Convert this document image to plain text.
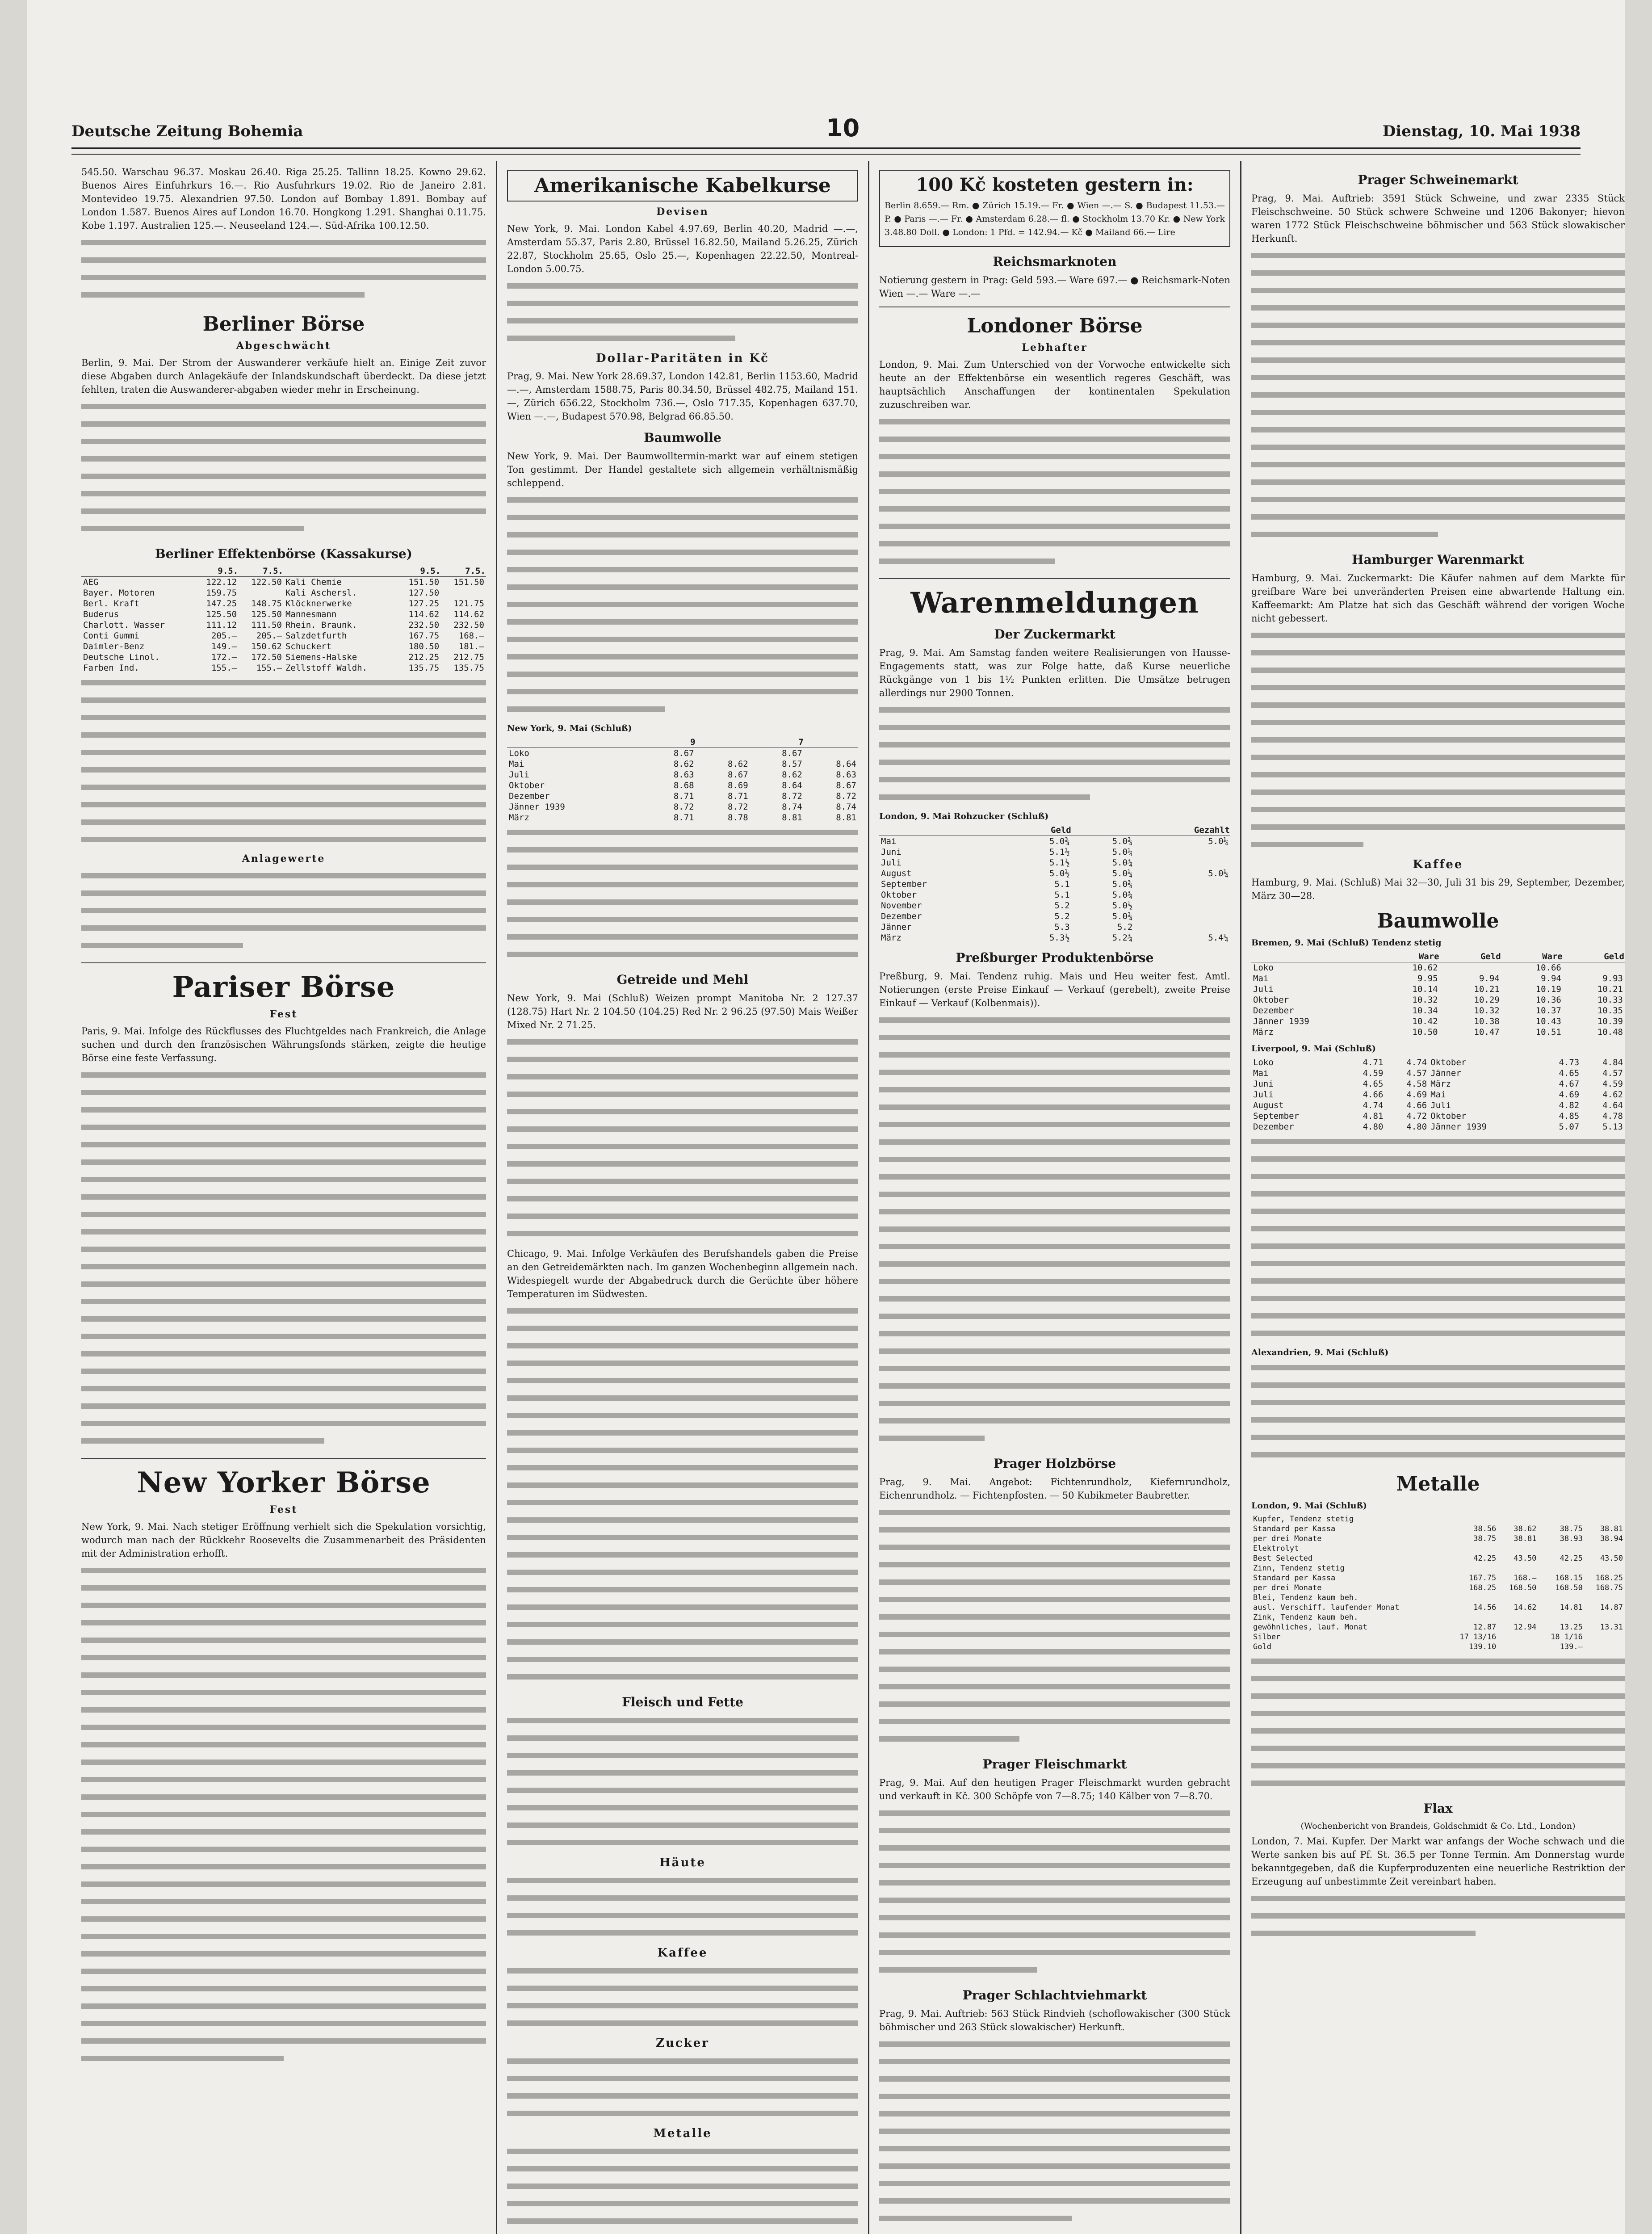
Deutsche Zeitung Bohemia	10	Dienstag, 10. Mai 1938

545.50. Warschau 96.37. Moskau 26.40. Riga 25.25. Tallinn 18.25. Kowno 29.62. Buenos Aires Einfuhrkurs 16.—. Rio Ausfuhrkurs 19.02. Rio de Janeiro 2.81. Montevideo 19.75. Alexandrien 97.50. London auf Bombay 1.891. Bombay auf London 1.587. Buenos Aires auf London 16.70. Hongkong 1.291. Shanghai 0.11.75. Kobe 1.197. Australien 125.—. Neuseeland 124.—. Süd-Afrika 100.12.50.

Berliner Börse
Abgeschwächt

Berlin, 9. Mai. Der Strom der Auswanderer verkäufe hielt an. Einige Zeit zuvor diese Abgaben durch Anlagekäufe der Inlandskundschaft überdeckt. Da diese jetzt fehlten, traten die Auswanderer-abgaben wieder mehr in Erscheinung.

Berliner Effektenbörse (Kassakurse)
	9.5.	7.5.		9.5.	7.5.
AEG	122.12	122.50	Kali Chemie	151.50	151.50
Bayer. Motoren	159.75		Kali Aschersl.	127.50	
Berl. Kraft	147.25	148.75	Klöcknerwerke	127.25	121.75
Buderus	125.50	125.50	Mannesmann	114.62	114.62
Charlott. Wasser	111.12	111.50	Rhein. Braunk.	232.50	232.50
Conti Gummi	205.—	205.—	Salzdetfurth	167.75	168.—
Daimler-Benz	149.—	150.62	Schuckert	180.50	181.—
Deutsche Linol.	172.—	172.50	Siemens-Halske	212.25	212.75
Farben Ind.	155.—	155.—	Zellstoff Waldh.	135.75	135.75
Anlagewerte
Pariser Börse
Fest

Paris, 9. Mai. Infolge des Rückflusses des Fluchtgeldes nach Frankreich, die Anlage suchen und durch den französischen Währungsfonds stärken, zeigte die heutige Börse eine feste Verfassung.

New Yorker Börse
Fest

New York, 9. Mai. Nach stetiger Eröffnung verhielt sich die Spekulation vorsichtig, wodurch man nach der Rückkehr Roosevelts die Zusammenarbeit des Präsidenten mit der Administration erhofft.

Amerikanische Kabelkurse
Devisen

New York, 9. Mai. London Kabel 4.97.69, Berlin 40.20, Madrid —.—, Amsterdam 55.37, Paris 2.80, Brüssel 16.82.50, Mailand 5.26.25, Zürich 22.87, Stockholm 25.65, Oslo 25.—, Kopenhagen 22.22.50, Montreal-London 5.00.75.

Dollar-Paritäten in Kč

Prag, 9. Mai. New York 28.69.37, London 142.81, Berlin 1153.60, Madrid —.—, Amsterdam 1588.75, Paris 80.34.50, Brüssel 482.75, Mailand 151.—, Zürich 656.22, Stockholm 736.—, Oslo 717.35, Kopenhagen 637.70, Wien —.—, Budapest 570.98, Belgrad 66.85.50.

Baumwolle

New York, 9. Mai. Der Baumwolltermin-markt war auf einem stetigen Ton gestimmt. Der Handel gestaltete sich allgemein verhältnismäßig schleppend.

New York, 9. Mai (Schluß)
	9		7	
Loko	8.67		8.67	
Mai	8.62	8.62	8.57	8.64
Juli	8.63	8.67	8.62	8.63
Oktober	8.68	8.69	8.64	8.67
Dezember	8.71	8.71	8.72	8.72
Jänner 1939	8.72	8.72	8.74	8.74
März	8.71	8.78	8.81	8.81
Getreide und Mehl

New York, 9. Mai (Schluß) Weizen prompt Manitoba Nr. 2 127.37 (128.75) Hart Nr. 2 104.50 (104.25) Red Nr. 2 96.25 (97.50) Mais Weißer Mixed Nr. 2 71.25.

Chicago, 9. Mai. Infolge Verkäufen des Berufshandels gaben die Preise an den Getreidemärkten nach. Im ganzen Wochenbeginn allgemein nach. Widespiegelt wurde der Abgabedruck durch die Gerüchte über höhere Temperaturen im Südwesten.

Fleisch und Fette
Häute
Kaffee
Zucker
Metalle
100 Kč kosteten gestern in:

Berlin 8.659.— Rm. ● Zürich 15.19.— Fr. ● Wien —.— S. ● Budapest 11.53.— P. ● Paris —.— Fr. ● Amsterdam 6.28.— fl. ● Stockholm 13.70 Kr. ● New York 3.48.80 Doll. ● London: 1 Pfd. = 142.94.— Kč ● Mailand 66.— Lire

Reichsmarknoten

Notierung gestern in Prag: Geld 593.— Ware 697.— ● Reichsmark-Noten Wien —.— Ware —.—

Londoner Börse
Lebhafter

London, 9. Mai. Zum Unterschied von der Vorwoche entwickelte sich heute an der Effektenbörse ein wesentlich regeres Geschäft, was hauptsächlich Anschaffungen der kontinentalen Spekulation zuzuschreiben war.

Warenmeldungen
Der Zuckermarkt

Prag, 9. Mai. Am Samstag fanden weitere Realisierungen von Hausse-Engagements statt, was zur Folge hatte, daß Kurse neuerliche Rückgänge von 1 bis 1½ Punkten erlitten. Die Umsätze betrugen allerdings nur 2900 Tonnen.

London, 9. Mai Rohzucker (Schluß)
	Geld		Gezahlt
Mai	5.0¾	5.0¾	5.0¼
Juni	5.1½	5.0¼	
Juli	5.1½	5.0¾	
August	5.0½	5.0¼	5.0¼
September	5.1	5.0¾	
Oktober	5.1	5.0¾	
November	5.2	5.0½	
Dezember	5.2	5.0¾	
Jänner	5.3	5.2	
März	5.3½	5.2¾	5.4¼
Preßburger Produktenbörse

Preßburg, 9. Mai. Tendenz ruhig. Mais und Heu weiter fest. Amtl. Notierungen (erste Preise Einkauf — Verkauf (gerebelt), zweite Preise Einkauf — Verkauf (Kolbenmais)).

Prager Holzbörse

Prag, 9. Mai. Angebot: Fichtenrundholz, Kiefernrundholz, Eichenrundholz. — Fichtenpfosten. — 50 Kubikmeter Baubretter.

Prager Fleischmarkt

Prag, 9. Mai. Auf den heutigen Prager Fleischmarkt wurden gebracht und verkauft in Kč. 300 Schöpfe von 7—8.75; 140 Kälber von 7—8.70.

Prager Schlachtviehmarkt

Prag, 9. Mai. Auftrieb: 563 Stück Rindvieh (schoflowakischer (300 Stück böhmischer und 263 Stück slowakischer) Herkunft.

Prager Schweinemarkt

Prag, 9. Mai. Auftrieb: 3591 Stück Schweine, und zwar 2335 Stück Fleischschweine. 50 Stück schwere Schweine und 1206 Bakonyer; hievon waren 1772 Stück Fleischschweine böhmischer und 563 Stück slowakischer Herkunft.

Hamburger Warenmarkt

Hamburg, 9. Mai. Zuckermarkt: Die Käufer nahmen auf dem Markte für greifbare Ware bei unveränderten Preisen eine abwartende Haltung ein. Kaffeemarkt: Am Platze hat sich das Geschäft während der vorigen Woche nicht gebessert.

Kaffee

Hamburg, 9. Mai. (Schluß) Mai 32—30, Juli 31 bis 29, September, Dezember, März 30—28.

Baumwolle
Bremen, 9. Mai (Schluß) Tendenz stetig
	Ware	Geld	Ware	Geld
Loko	10.62		10.66	
Mai	9.95	9.94	9.94	9.93
Juli	10.14	10.21	10.19	10.21
Oktober	10.32	10.29	10.36	10.33
Dezember	10.34	10.32	10.37	10.35
Jänner 1939	10.42	10.38	10.43	10.39
März	10.50	10.47	10.51	10.48
Liverpool, 9. Mai (Schluß)
Loko	4.71	4.74	Oktober	4.73	4.84
Mai	4.59	4.57	Jänner	4.65	4.57
Juni	4.65	4.58	März	4.67	4.59
Juli	4.66	4.69	Mai	4.69	4.62
August	4.74	4.66	Juli	4.82	4.64
September	4.81	4.72	Oktober	4.85	4.78
Dezember	4.80	4.80	Jänner 1939	5.07	5.13
Alexandrien, 9. Mai (Schluß)
Metalle
London, 9. Mai (Schluß)
Kupfer, Tendenz stetig				
Standard per Kassa	38.56	38.62	38.75	38.81
per drei Monate	38.75	38.81	38.93	38.94
Elektrolyt				
Best Selected	42.25	43.50	42.25	43.50
Zinn, Tendenz stetig				
Standard per Kassa	167.75	168.—	168.15	168.25
per drei Monate	168.25	168.50	168.50	168.75
Blei, Tendenz kaum beh.				
ausl. Verschiff. laufender Monat	14.56	14.62	14.81	14.87
Zink, Tendenz kaum beh.				
gewöhnliches, lauf. Monat	12.87	12.94	13.25	13.31
Silber	17 13/16		18 1/16	
Gold	139.10		139.—	
Flax
(Wochenbericht von Brandeis, Goldschmidt & Co. Ltd., London)

London, 7. Mai. Kupfer. Der Markt war anfangs der Woche schwach und die Werte sanken bis auf Pf. St. 36.5 per Tonne Termin. Am Donnerstag wurde bekanntgegeben, daß die Kupferproduzenten eine neuerliche Restriktion der Erzeugung auf unbestimmte Zeit vereinbart haben.
